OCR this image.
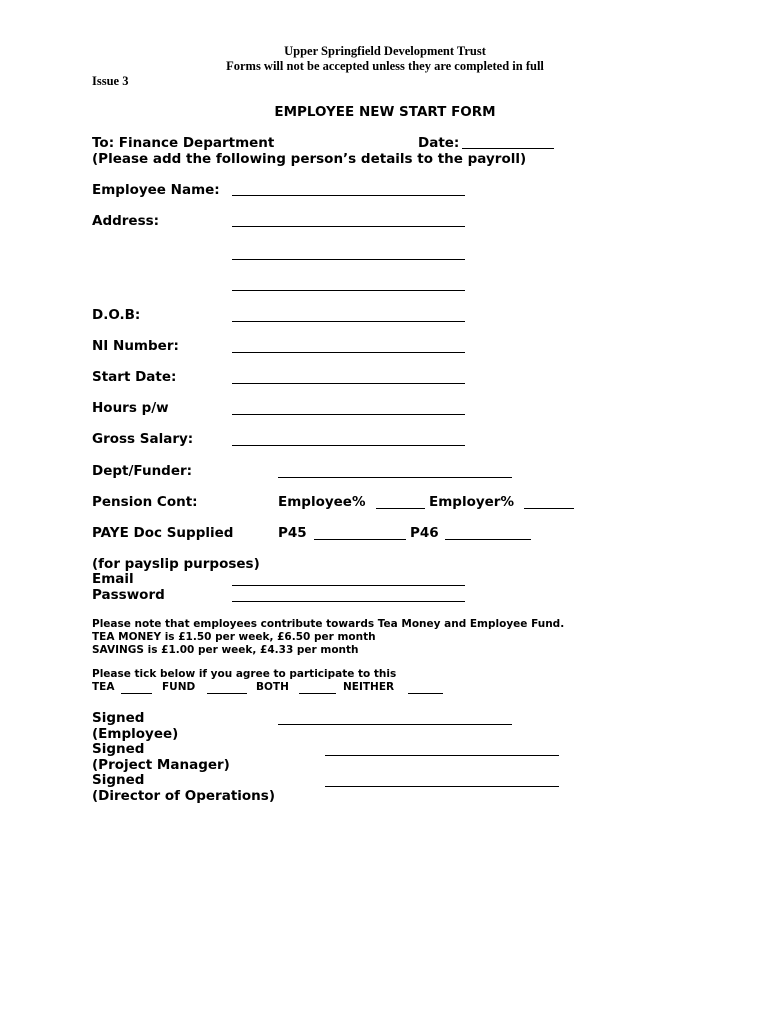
Upper Springfield Development Trust
Forms will not be accepted unless they are completed in full
Issue 3
EMPLOYEE NEW START FORM
To: Finance Department	Date:
(Please add the following person’s details to the payroll)
Employee Name:
Address:
D.O.B:
NI Number:
Start Date:
Hours p/w
Gross Salary:
Dept/Funder:
Pension Cont:	Employee%	Employer%
PAYE Doc Supplied	P45	P46
(for payslip purposes)
Email
Password
Please note that employees contribute towards Tea Money and Employee Fund.
TEA MONEY is £1.50 per week, £6.50 per month
SAVINGS is £1.00 per week, £4.33 per month
Please tick below if you agree to participate to this
TEA	FUND	BOTH	NEITHER
Signed
(Employee)
Signed
(Project Manager)
Signed
(Director of Operations)
